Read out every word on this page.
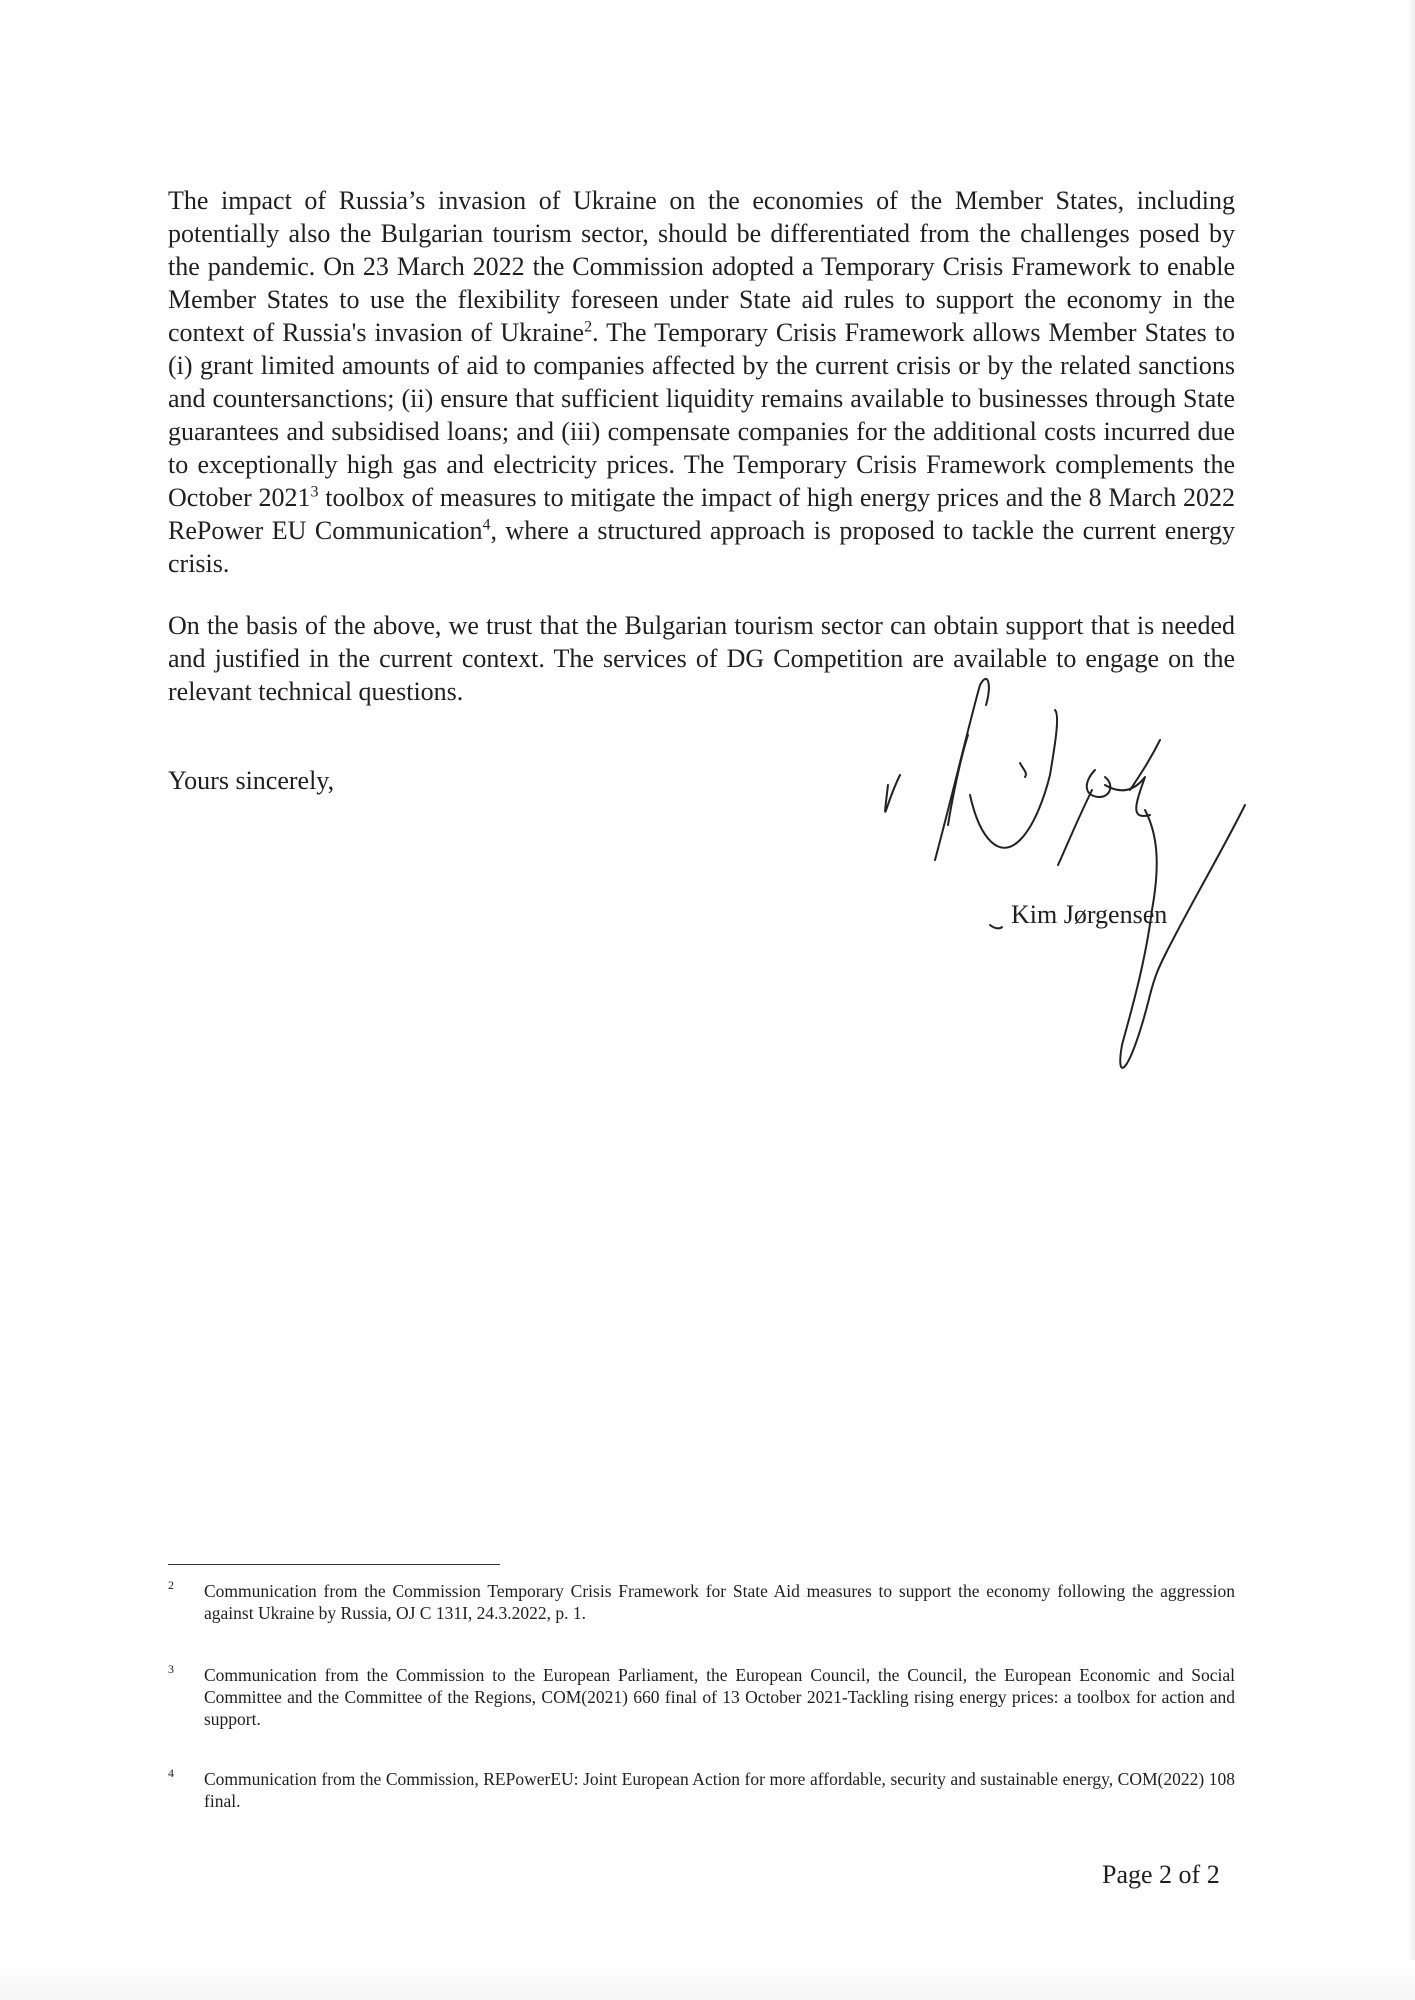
The impact of Russia’s invasion of Ukraine on the economies of the Member States, including potentially also the Bulgarian tourism sector, should be differentiated from the challenges posed by the pandemic. On 23 March 2022 the Commission adopted a Temporary Crisis Framework to enable Member States to use the flexibility foreseen under State aid rules to support the economy in the context of Russia's invasion of Ukraine$^2$. The Temporary Crisis Framework allows Member States to (i) grant limited amounts of aid to companies affected by the current crisis or by the related sanctions and countersanctions; (ii) ensure that sufficient liquidity remains available to businesses through State guarantees and subsidised loans; and (iii) compensate companies for the additional costs incurred due to exceptionally high gas and electricity prices. The Temporary Crisis Framework complements the October 2021$^3$ toolbox of measures to mitigate the impact of high energy prices and the 8 March 2022 RePower EU Communication$^4$, where a structured approach is proposed to tackle the current energy crisis.

On the basis of the above, we trust that the Bulgarian tourism sector can obtain support that is needed and justified in the current context. The services of DG Competition are available to engage on the relevant technical questions.

Yours sincerely,

Kim Jørgensen

2 Communication from the Commission Temporary Crisis Framework for State Aid measures to support the economy following the aggression against Ukraine by Russia, OJ C 131I, 24.3.2022, p. 1.
3 Communication from the Commission to the European Parliament, the European Council, the Council, the European Economic and Social Committee and the Committee of the Regions, COM(2021) 660 final of 13 October 2021-Tackling rising energy prices: a toolbox for action and support.
4 Communication from the Commission, REPowerEU: Joint European Action for more affordable, security and sustainable energy, COM(2022) 108 final.

Page 2 of 2
